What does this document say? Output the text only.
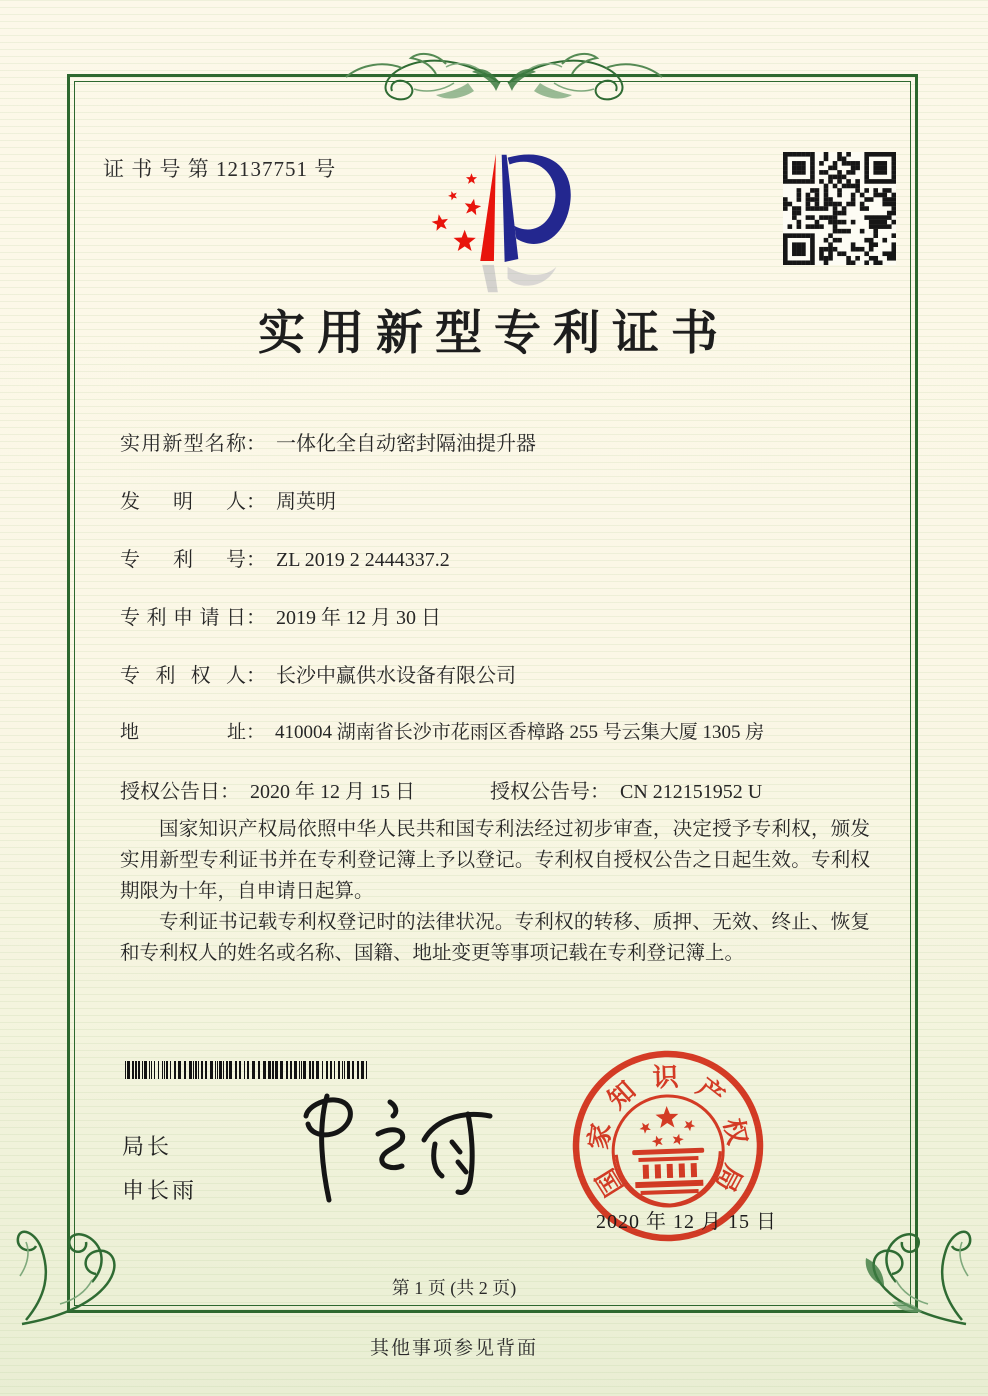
证 书 号 第 12137751 号
实用新型专利证书
实用新型名称： 一体化全自动密封隔油提升器
发明人： 周英明
专利号： ZL 2019 2 2444337.2
专利申请日： 2019 年 12 月 30 日
专利权人： 长沙中赢供水设备有限公司
地址： 410004 湖南省长沙市花雨区香樟路 255 号云集大厦 1305 房
授权公告日： 2020 年 12 月 15 日	授权公告号： CN 212151952 U

国家知识产权局依照中华人民共和国专利法经过初步审查，决定授予专利权，颁发实用新型专利证书并在专利登记簿上予以登记。专利权自授权公告之日起生效。专利权期限为十年，自申请日起算。

专利证书记载专利权登记时的法律状况。专利权的转移、质押、无效、终止、恢复和专利权人的姓名或名称、国籍、地址变更等事项记载在专利登记簿上。

局长
申长雨	国
家
知 识 产
权
局
2020 年 12 月 15 日
第 1 页 (共 2 页)
其他事项参见背面
